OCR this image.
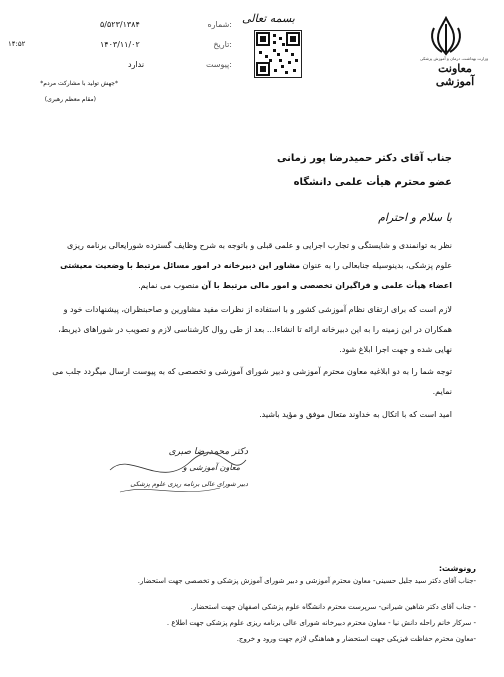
وزارت بهداشت، درمان و آموزش پزشکی
معاونت آموزشی
بسمه تعالی
۵/۵۲۳/۱۳۸۴	شماره:
۱۴۰۳/۱۱/۰۲	تاریخ:
ندارد	پیوست:
۱۴:۵۲
*جهش تولید با مشارکت مردم*
(مقام معظم رهبری)
جناب آقای دکتر حمیدرضا پور زمانی
عضو محترم هیأت علمی دانشگاه
با سلام و احترام
نظر به توانمندی و شایستگی و تجارب اجرایی و علمی قبلی و باتوجه به شرح وظایف گسترده شورایعالی برنامه ریزی علوم پزشکی، بدینوسیله جنابعالی را به عنوان مشاور این دبیرخانه در امور مسائل مرتبط با وضعیت معیشتی اعضاء هیأت علمی و فراگیران تخصصی و امور مالی مرتبط با آن منصوب می نمایم.
لازم است که برای ارتقای نظام آموزشی کشور و با استفاده از نظرات مفید مشاورین و صاحبنظران، پیشنهادات خود و همکاران در این زمینه را به این دبیرخانه ارائه تا انشاءا... بعد از طی روال کارشناسی لازم و تصویب در شوراهای ذیربط، نهایی شده و جهت اجرا ابلاغ شود.
توجه شما را به دو ابلاغیه معاون محترم آموزشی و دبیر شورای آموزشی و تخصصی که به پیوست ارسال میگردد جلب می نمایم.
امید است که با اتکال به خداوند متعال موفق و مؤید باشید.
دکتر محمدرضا صبری
معاون آموزشی و
دبیر شورای عالی برنامه ریزی علوم پزشکی
رونوشت:
-جناب آقای دکتر سید جلیل حسینی- معاون محترم آموزشی و دبیر شورای آموزش پزشکی و تخصصی جهت استحضار.
- جناب آقای دکتر شاهین شیرانی- سرپرست محترم دانشگاه علوم پزشکی اصفهان جهت استحضار.
- سرکار خانم راحله دانش نیا - معاون محترم دبیرخانه شورای عالی برنامه ریزی علوم پزشکی جهت اطلاع .
-معاون محترم حفاظت فیزیکی جهت استحضار و هماهنگی لازم جهت ورود و خروج.
